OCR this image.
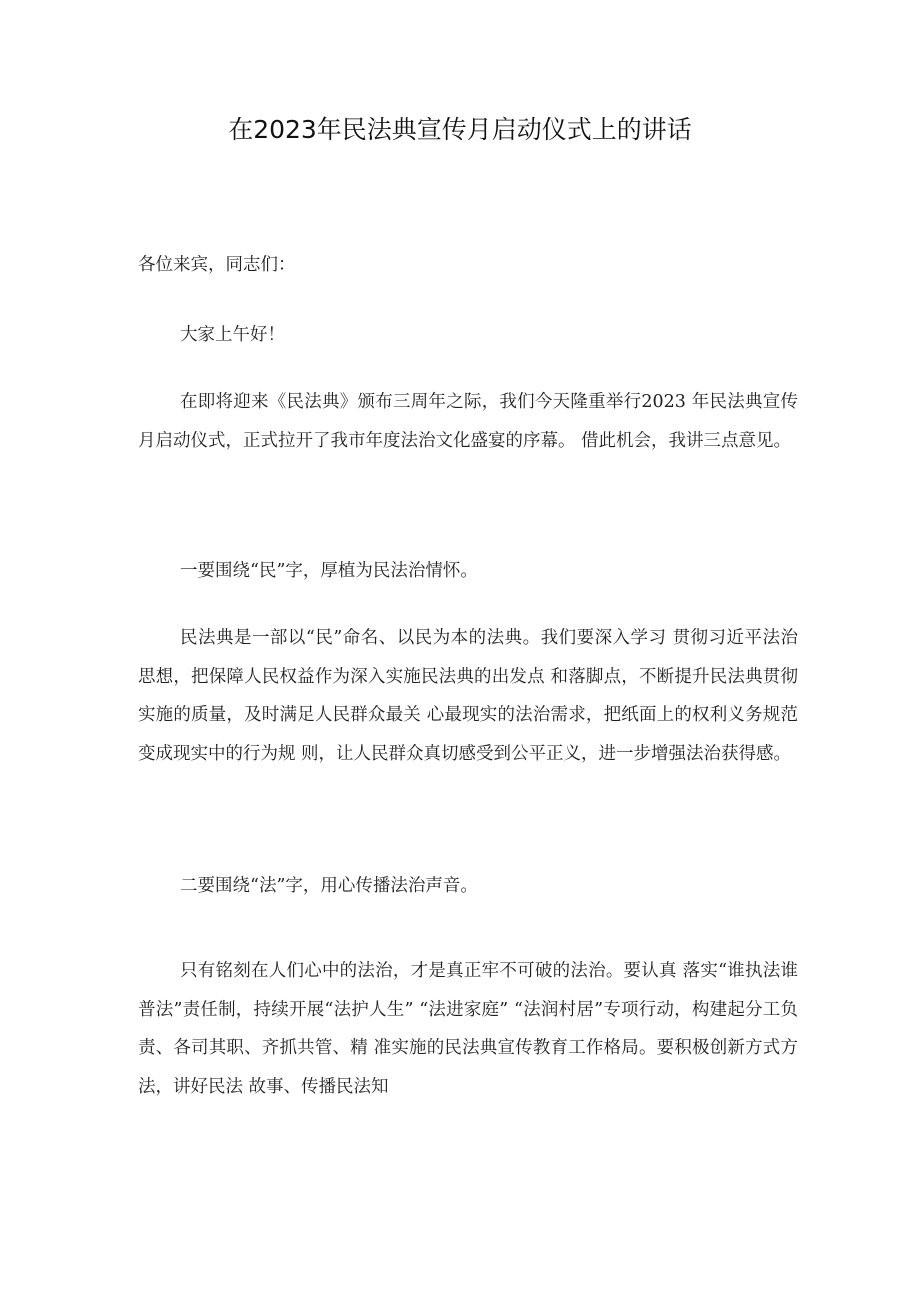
在2023年民法典宣传月启动仪式上的讲话

各位来宾，同志们：

大家上午好！

在即将迎来《民法典》颁布三周年之际，我们今天隆重举行2023 年民法典宣传月启动仪式，正式拉开了我市年度法治文化盛宴的序幕。 借此机会，我讲三点意见。

一要围绕“民”字，厚植为民法治情怀。

民法典是一部以“民”命名、以民为本的法典。我们要深入学习 贯彻习近平法治思想，把保障人民权益作为深入实施民法典的出发点 和落脚点，不断提升民法典贯彻实施的质量，及时满足人民群众最关 心最现实的法治需求，把纸面上的权利义务规范变成现实中的行为规 则，让人民群众真切感受到公平正义，进一步增强法治获得感。

二要围绕“法”字，用心传播法治声音。

只有铭刻在人们心中的法治，才是真正牢不可破的法治。要认真 落实“谁执法谁普法”责任制，持续开展“法护人生” “法进家庭” “法润村居”专项行动，构建起分工负责、各司其职、齐抓共管、精 准实施的民法典宣传教育工作格局。要积极创新方式方法，讲好民法 故事、传播民法知
